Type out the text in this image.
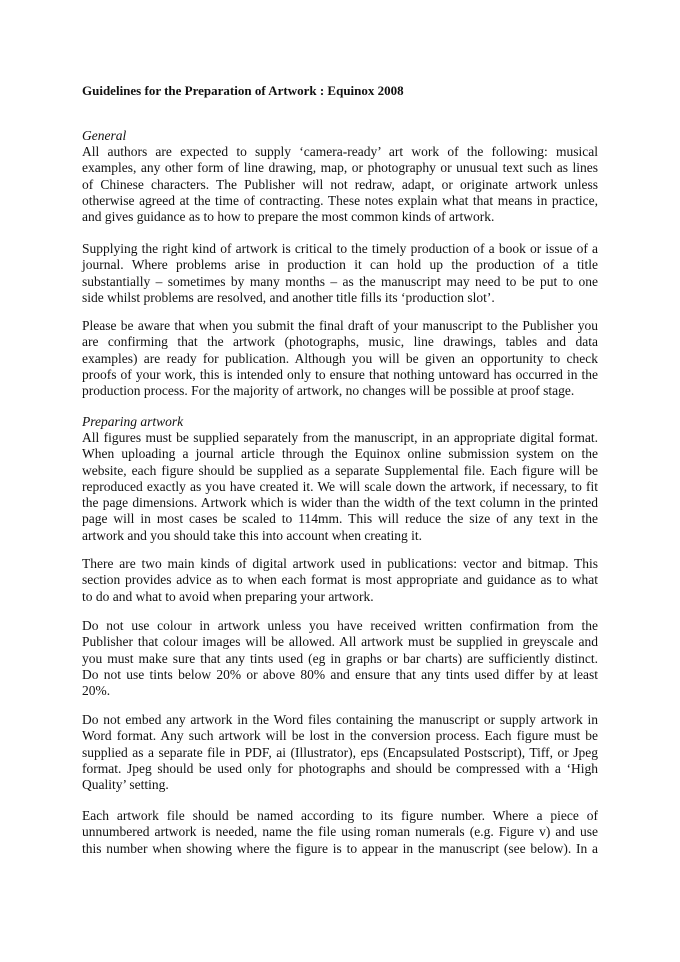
Guidelines for the Preparation of Artwork : Equinox 2008
General
All authors are expected to supply ‘camera-ready’ art work of the following: musical
examples, any other form of line drawing, map, or photography or unusual text such as lines
of Chinese characters. The Publisher will not redraw, adapt, or originate artwork unless
otherwise agreed at the time of contracting. These notes explain what that means in practice,
and gives guidance as to how to prepare the most common kinds of artwork.
Supplying the right kind of artwork is critical to the timely production of a book or issue of a
journal. Where problems arise in production it can hold up the production of a title
substantially – sometimes by many months – as the manuscript may need to be put to one
side whilst problems are resolved, and another title fills its ‘production slot’.
Please be aware that when you submit the final draft of your manuscript to the Publisher you
are confirming that the artwork (photographs, music, line drawings, tables and data
examples) are ready for publication. Although you will be given an opportunity to check
proofs of your work, this is intended only to ensure that nothing untoward has occurred in the
production process. For the majority of artwork, no changes will be possible at proof stage.
Preparing artwork
All figures must be supplied separately from the manuscript, in an appropriate digital format.
When uploading a journal article through the Equinox online submission system on the
website, each figure should be supplied as a separate Supplemental file. Each figure will be
reproduced exactly as you have created it. We will scale down the artwork, if necessary, to fit
the page dimensions. Artwork which is wider than the width of the text column in the printed
page will in most cases be scaled to 114mm. This will reduce the size of any text in the
artwork and you should take this into account when creating it.
There are two main kinds of digital artwork used in publications: vector and bitmap. This
section provides advice as to when each format is most appropriate and guidance as to what
to do and what to avoid when preparing your artwork.
Do not use colour in artwork unless you have received written confirmation from the
Publisher that colour images will be allowed. All artwork must be supplied in greyscale and
you must make sure that any tints used (eg in graphs or bar charts) are sufficiently distinct.
Do not use tints below 20% or above 80% and ensure that any tints used differ by at least
20%.
Do not embed any artwork in the Word files containing the manuscript or supply artwork in
Word format. Any such artwork will be lost in the conversion process. Each figure must be
supplied as a separate file in PDF, ai (Illustrator), eps (Encapsulated Postscript), Tiff, or Jpeg
format. Jpeg should be used only for photographs and should be compressed with a ‘High
Quality’ setting.
Each artwork file should be named according to its figure number. Where a piece of
unnumbered artwork is needed, name the file using roman numerals (e.g. Figure v) and use
this number when showing where the figure is to appear in the manuscript (see below). In a
